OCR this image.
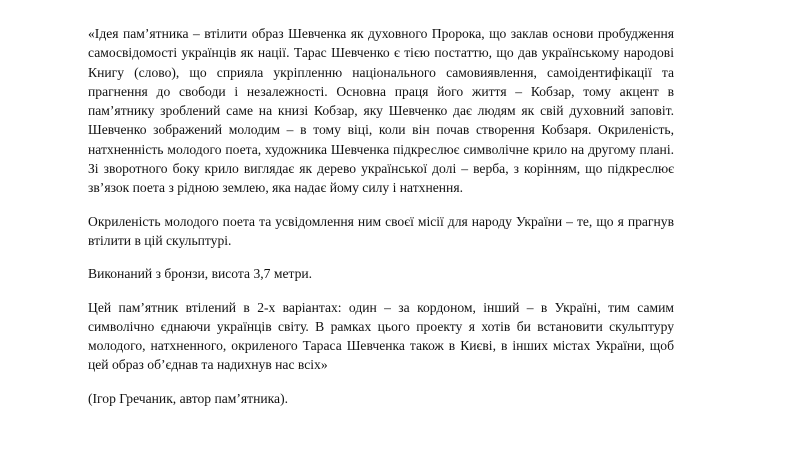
«Ідея пам’ятника – втілити образ Шевченка як духовного Пророка, що заклав основи пробудження самосвідомості українців як нації. Тарас Шевченко є тією постаттю, що дав українському народові Книгу (слово), що сприяла укріпленню національного самовиявлення, самоідентифікації та прагнення до свободи і незалежності. Основна праця його життя – Кобзар, тому акцент в пам’ятнику зроблений саме на книзі Кобзар, яку Шевченко дає людям як свій духовний заповіт. Шевченко зображений молодим – в тому віці, коли він почав створення Кобзаря. Окриленість, натхненність молодого поета, художника Шевченка підкреслює символічне крило на другому плані. Зі зворотного боку крило виглядає як дерево української долі – верба, з корінням, що підкреслює зв’язок поета з рідною землею, яка надає йому силу і натхнення.

Окриленість молодого поета та усвідомлення ним своєї місії для народу України – те, що я прагнув втілити в цій скульптурі.

Виконаний з бронзи, висота 3,7 метри.

Цей пам’ятник втілений в 2-х варіантах: один – за кордоном, інший – в Україні, тим самим символічно єднаючи українців світу. В рамках цього проекту я хотів би встановити скульптуру молодого, натхненного, окриленого Тараса Шевченка також в Києві, в інших містах України, щоб цей образ об’єднав та надихнув нас всіх»

(Ігор Гречаник, автор пам’ятника).
